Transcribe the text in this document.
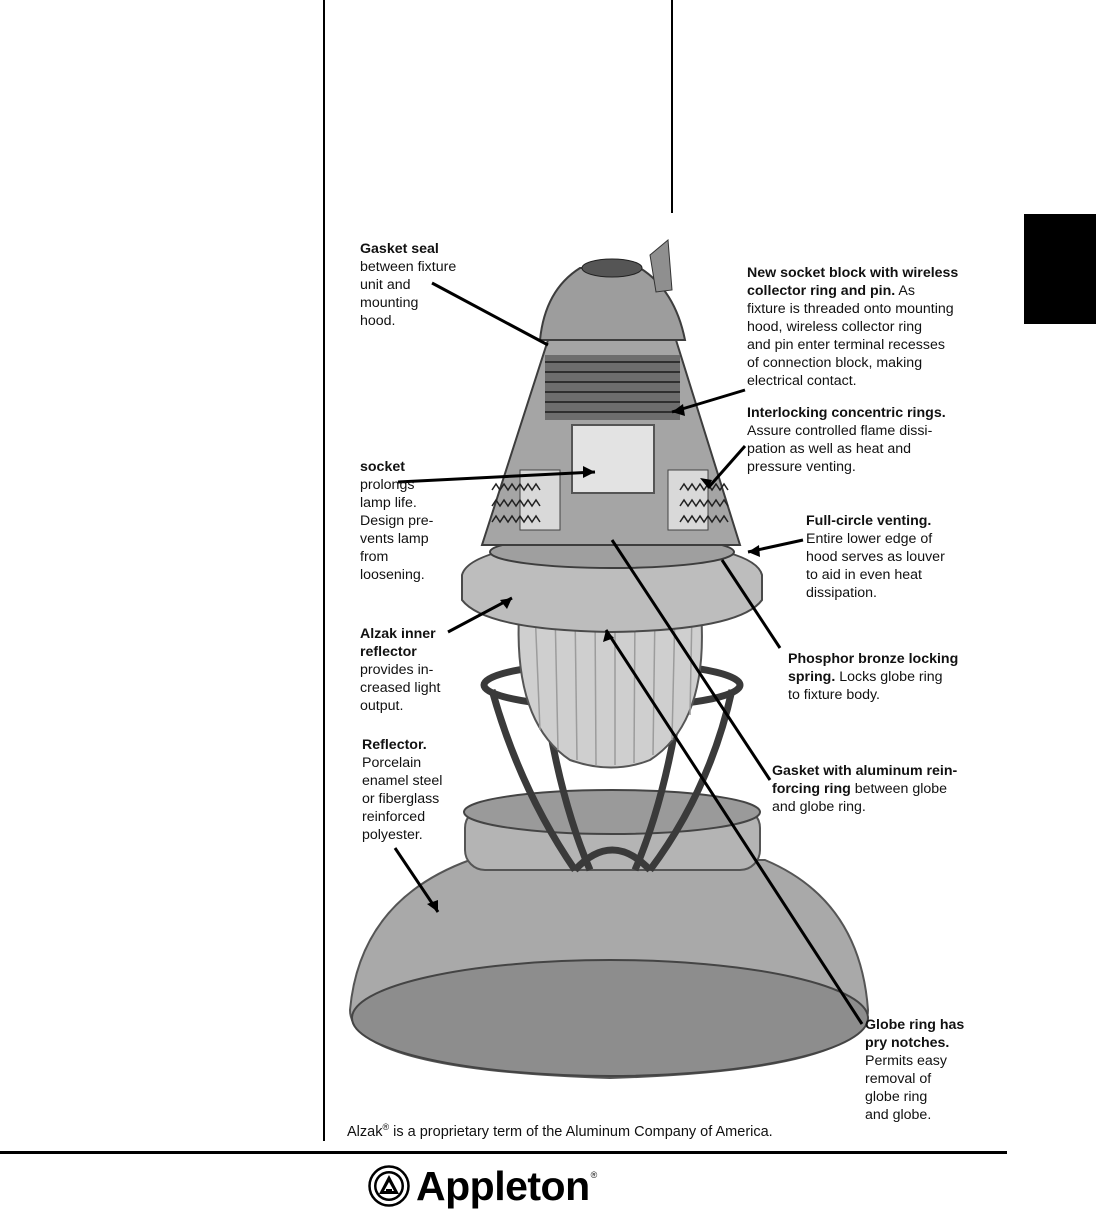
Gasket seal
between fixture
unit and
mounting
hood.
New socket block with wireless
collector ring and pin. As
fixture is threaded onto mounting
hood, wireless collector ring
and pin enter terminal recesses
of connection block, making
electrical contact.
Interlocking concentric rings.
Assure controlled flame dissi-
pation as well as heat and
pressure venting.
socket
prolongs
lamp life.
Design pre-
vents lamp
from
loosening.
Full-circle venting.
Entire lower edge of
hood serves as louver
to aid in even heat
dissipation.
Alzak inner
reflector
provides in-
creased light
output.
Phosphor bronze locking
spring. Locks globe ring
to fixture body.
Reflector.
Porcelain
enamel steel
or fiberglass
reinforced
polyester.
Gasket with aluminum rein-
forcing ring between globe
and globe ring.
Globe ring has
pry notches.
Permits easy
removal of
globe ring
and globe.
Alzak® is a proprietary term of the Aluminum Company of America.
Appleton ®
